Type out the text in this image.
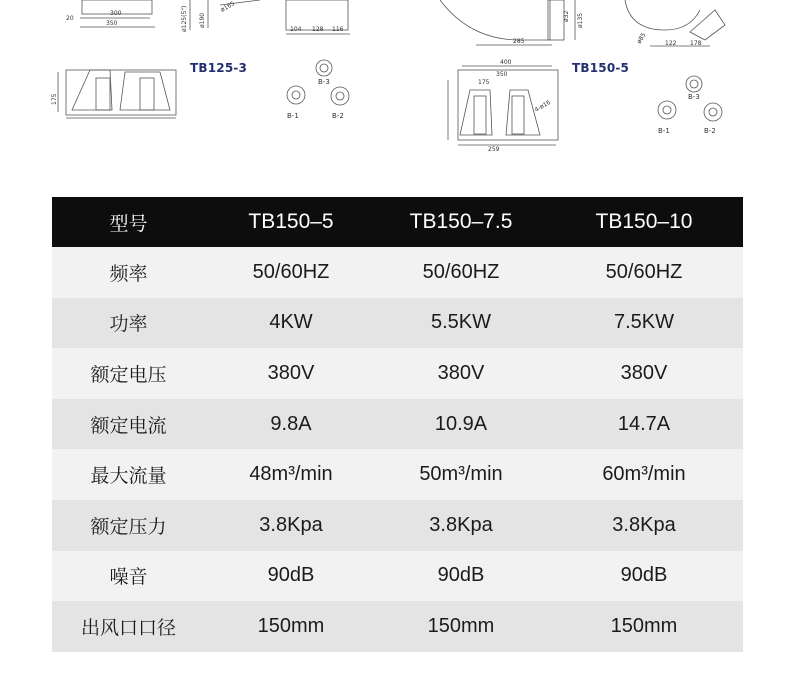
300
350
20	ø125(5") ø190
ø165
104 128 116
175
400
350
175
259
285
ø32 ø135
ø85	122 178
4-ø16
B-3
B-1	B-2
B-3
B-1	B-2
TB125-3	TB150-5
型号	TB150–5	TB150–7.5	TB150–10
频率	50/60HZ	50/60HZ	50/60HZ
功率	4KW	5.5KW	7.5KW
额定电压	380V	380V	380V
额定电流	9.8A	10.9A	14.7A
最大流量	48m³/min	50m³/min	60m³/min
额定压力	3.8Kpa	3.8Kpa	3.8Kpa
噪音	90dB	90dB	90dB
出风口口径	150mm	150mm	150mm
